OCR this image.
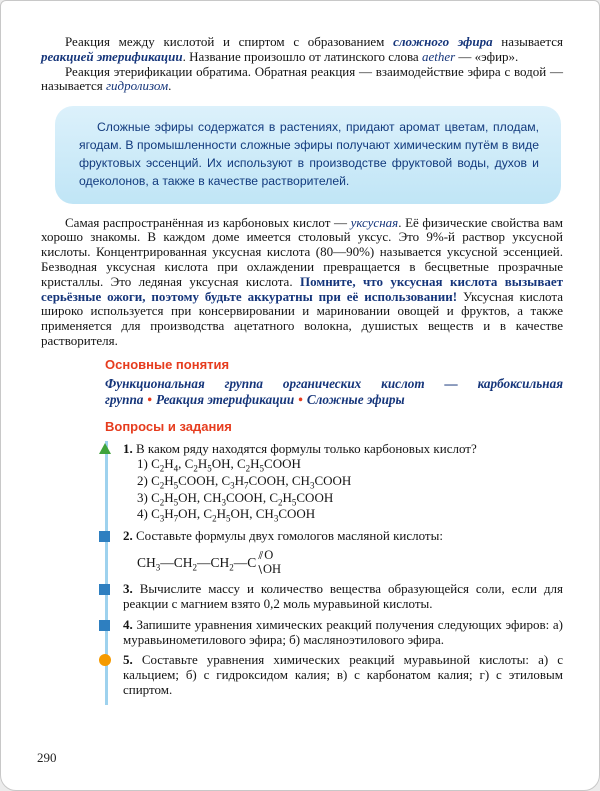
Реакция между кислотой и спиртом с образованием сложного эфира называется реакцией этерификации. Название произошло от латинского слова aether — «эфир».

Реакция этерификации обратима. Обратная реакция — взаимодействие эфира с водой — называется гидролизом.

Сложные эфиры содержатся в растениях, придают аромат цветам, плодам, ягодам. В промышленности сложные эфиры получают химическим путём в виде фруктовых эссенций. Их используют в производстве фруктовой воды, духов и одеколонов, а также в качестве растворителей.

Самая распространённая из карбоновых кислот — уксусная. Её физические свойства вам хорошо знакомы. В каждом доме имеется столовый уксус. Это 9%-й раствор уксусной кислоты. Концентрированная уксусная кислота (80—90%) называется уксусной эссенцией. Безводная уксусная кислота при охлаждении превращается в бесцветные прозрачные кристаллы. Это ледяная уксусная кислота. Помните, что уксусная кислота вызывает серьёзные ожоги, поэтому будьте аккуратны при её использовании! Уксусная кислота широко используется при консервировании и мариновании овощей и фруктов, а также применяется для производства ацетатного волокна, душистых веществ и в качестве растворителя.

Основные понятия
Функциональная группа органических кислот — карбоксильная группа • Реакция этерификации • Сложные эфиры
Вопросы и задания
1. В каком ряду находятся формулы только карбоновых кислот?
1) $C_2H_4$, $C_2H_5OH$, $C_2H_5COOH$
2) $C_2H_5COOH$, $C_3H_7COOH$, $CH_3COOH$
3) $C_2H_5OH$, $CH_3COOH$, $C_2H_5COOH$
4) $C_3H_7OH$, $C_2H_5OH$, $CH_3COOH$
2. Составьте формулы двух гомологов масляной кислоты:
$CH_3—CH_2—CH_2—C$ ⫽ O
\ OH
3. Вычислите массу и количество вещества образующейся соли, если для реакции с магнием взято 0,2 моль муравьиной кислоты.
4. Запишите уравнения химических реакций получения следующих эфиров: а) муравьинометилового эфира; б) масляноэтилового эфира.
5. Составьте уравнения химических реакций муравьиной кислоты: а) с кальцием; б) с гидроксидом калия; в) с карбонатом калия; г) с этиловым спиртом.
290
